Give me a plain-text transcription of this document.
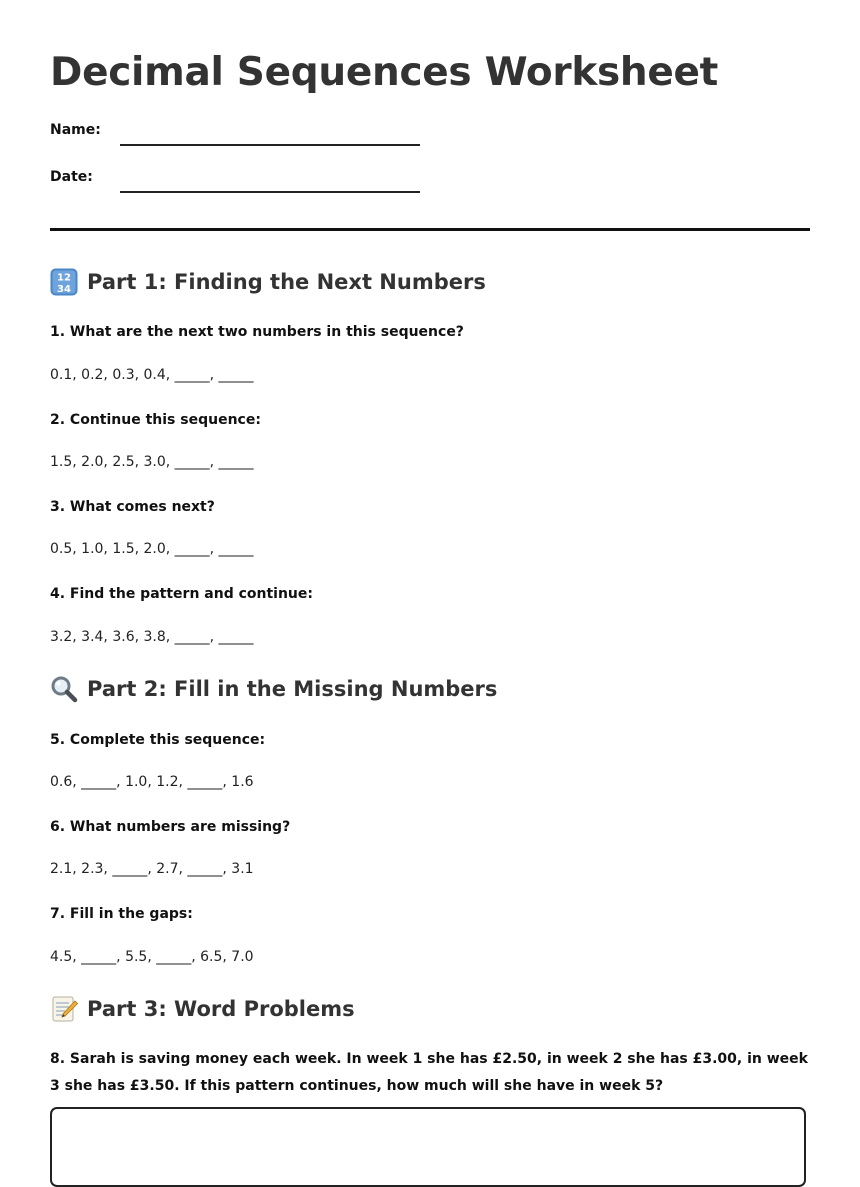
Decimal Sequences Worksheet
Name:
Date:
12
34 Part 1: Finding the Next Numbers

1. What are the next two numbers in this sequence?

0.1, 0.2, 0.3, 0.4, _____, _____

2. Continue this sequence:

1.5, 2.0, 2.5, 3.0, _____, _____

3. What comes next?

0.5, 1.0, 1.5, 2.0, _____, _____

4. Find the pattern and continue:

3.2, 3.4, 3.6, 3.8, _____, _____

Part 2: Fill in the Missing Numbers

5. Complete this sequence:

0.6, _____, 1.0, 1.2, _____, 1.6

6. What numbers are missing?

2.1, 2.3, _____, 2.7, _____, 3.1

7. Fill in the gaps:

4.5, _____, 5.5, _____, 6.5, 7.0

Part 3: Word Problems

8. Sarah is saving money each week. In week 1 she has £2.50, in week 2 she has £3.00, in week 3 she has £3.50. If this pattern continues, how much will she have in week 5?
